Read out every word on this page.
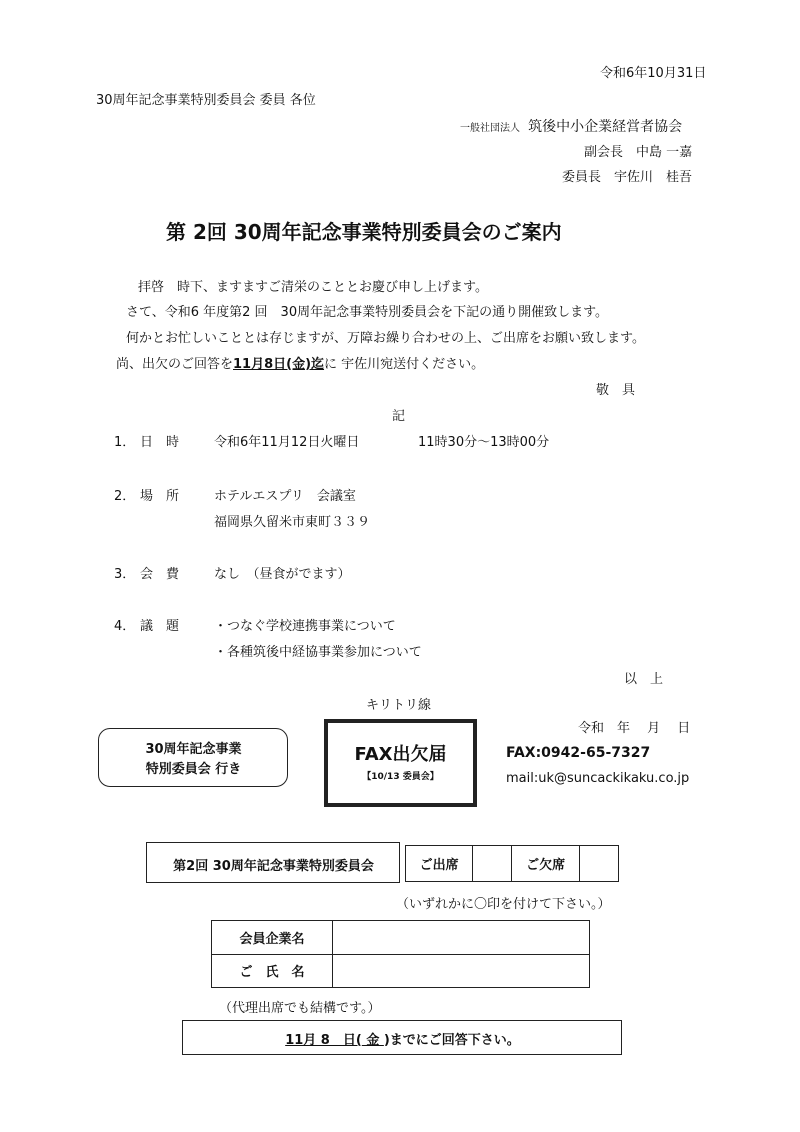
令和6年10月31日
30周年記念事業特別委員会 委員 各位
一般社団法人 筑後中小企業経営者協会
副会長　中島 一嘉
委員長　宇佐川　桂吾
第 2回 30周年記念事業特別委員会のご案内
拝啓　時下、ますますご清栄のこととお慶び申し上げます。
さて、令和6 年度第2 回　30周年記念事業特別委員会を下記の通り開催致します。
何かとお忙しいこととは存じますが、万障お繰り合わせの上、ご出席をお願い致します。
尚、出欠のご回答を11月8日(金)迄に 宇佐川宛送付ください。
敬　具
記
1． 日　時	令和6年11月12日火曜日	11時30分～13時00分
2． 場　所	ホテルエスプリ　会議室
福岡県久留米市東町３３９
3． 会　費	なし　（昼食がでます）
4． 議　題	・つなぐ学校連携事業について
・各種筑後中経協事業参加について
以　上
キリトリ線
30周年記念事業
特別委員会 行き
FAX出欠届
【10/13 委員会】
令和　年　 月　 日
FAX:0942-65-7327
mail:uk@suncackikaku.co.jp
第2回 30周年記念事業特別委員会	ご出席		ご欠席	
（いずれかに〇印を付けて下さい。）
会員企業名	
ご　氏　名	
（代理出席でも結構です。）
11月 8　日( 金 )までにご回答下さい。
